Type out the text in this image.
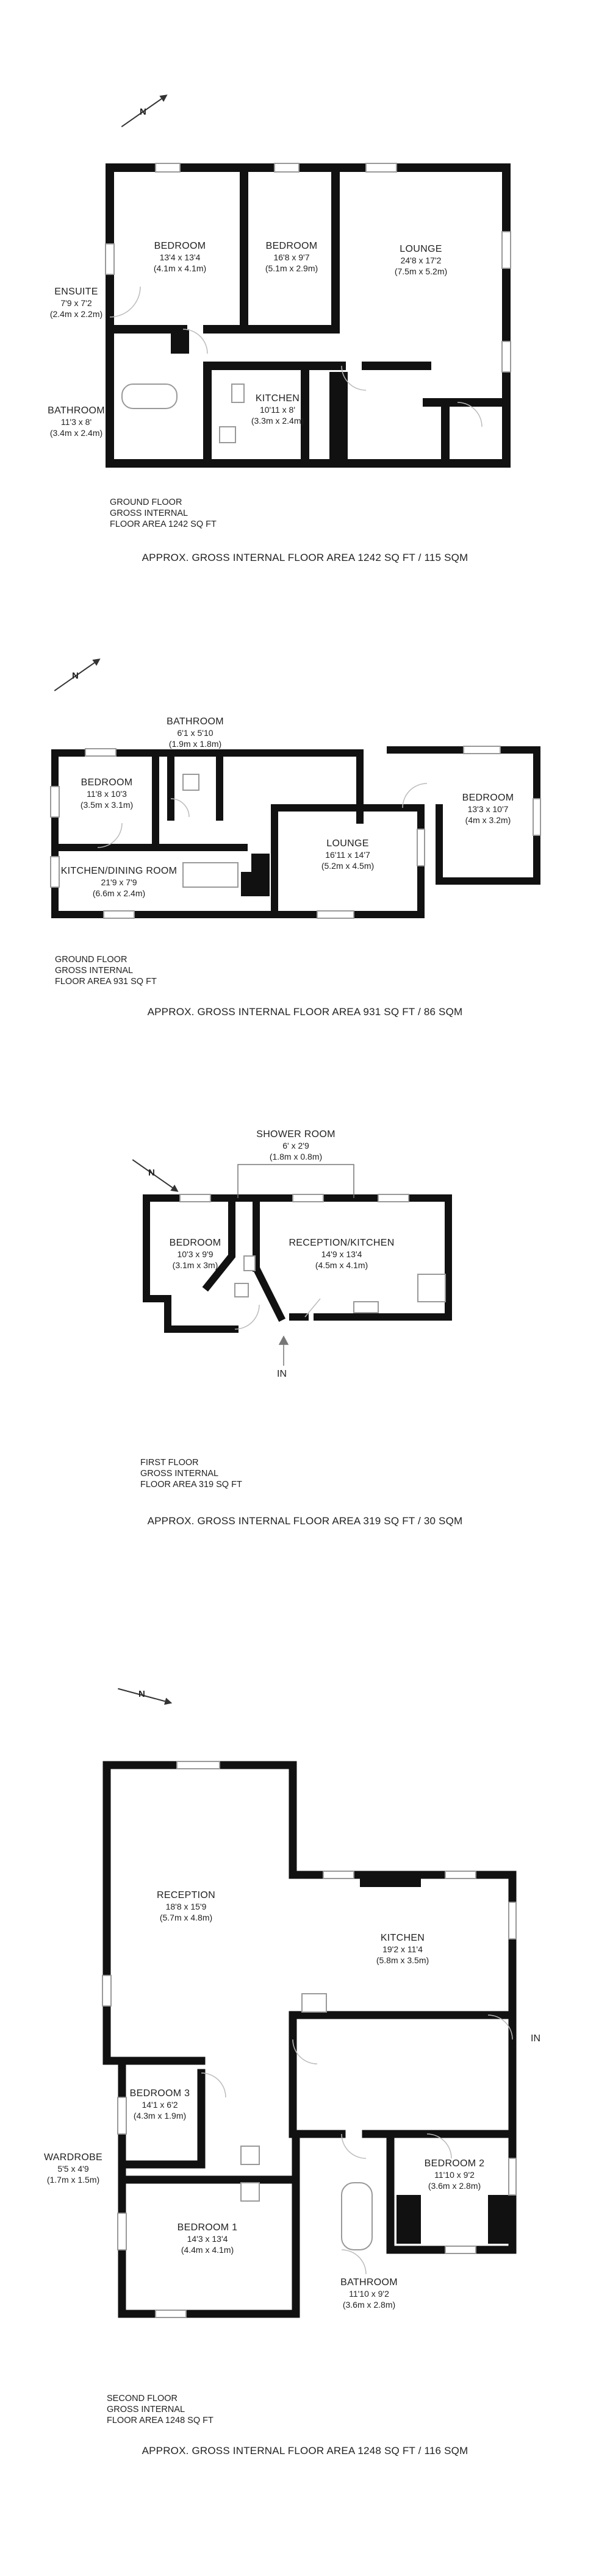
BEDROOM
13'4 x 13'4
(4.1m x 4.1m)
BEDROOM
16'8 x 9'7
(5.1m x 2.9m)
LOUNGE
24'8 x 17'2
(7.5m x 5.2m)
ENSUITE
7'9 x 7'2
(2.4m x 2.2m)
BATHROOM
11'3 x 8'
(3.4m x 2.4m)
KITCHEN
10'11 x 8'
(3.3m x 2.4m)
N
GROUND FLOOR
GROSS INTERNAL
FLOOR AREA 1242 SQ FT
APPROX. GROSS INTERNAL FLOOR AREA 1242 SQ FT / 115 SQM
BATHROOM
6'1 x 5'10
(1.9m x 1.8m)
BEDROOM
11'8 x 10'3
(3.5m x 3.1m)
BEDROOM
13'3 x 10'7
(4m x 3.2m)
LOUNGE
16'11 x 14'7
(5.2m x 4.5m)
KITCHEN/DINING ROOM
21'9 x 7'9
(6.6m x 2.4m)
N
GROUND FLOOR
GROSS INTERNAL
FLOOR AREA 931 SQ FT
APPROX. GROSS INTERNAL FLOOR AREA 931 SQ FT / 86 SQM
SHOWER ROOM
6' x 2'9
(1.8m x 0.8m)
BEDROOM
10'3 x 9'9
(3.1m x 3m)
RECEPTION/KITCHEN
14'9 x 13'4
(4.5m x 4.1m)
IN
N
FIRST FLOOR
GROSS INTERNAL
FLOOR AREA 319 SQ FT
APPROX. GROSS INTERNAL FLOOR AREA 319 SQ FT / 30 SQM
RECEPTION
18'8 x 15'9
(5.7m x 4.8m)
KITCHEN
19'2 x 11'4
(5.8m x 3.5m)
BEDROOM 3
14'1 x 6'2
(4.3m x 1.9m)
WARDROBE
5'5 x 4'9
(1.7m x 1.5m)
BEDROOM 1
14'3 x 13'4
(4.4m x 4.1m)
BEDROOM 2
11'10 x 9'2
(3.6m x 2.8m)
BATHROOM
11'10 x 9'2
(3.6m x 2.8m)
IN
N
SECOND FLOOR
GROSS INTERNAL
FLOOR AREA 1248 SQ FT
APPROX. GROSS INTERNAL FLOOR AREA 1248 SQ FT / 116 SQM
